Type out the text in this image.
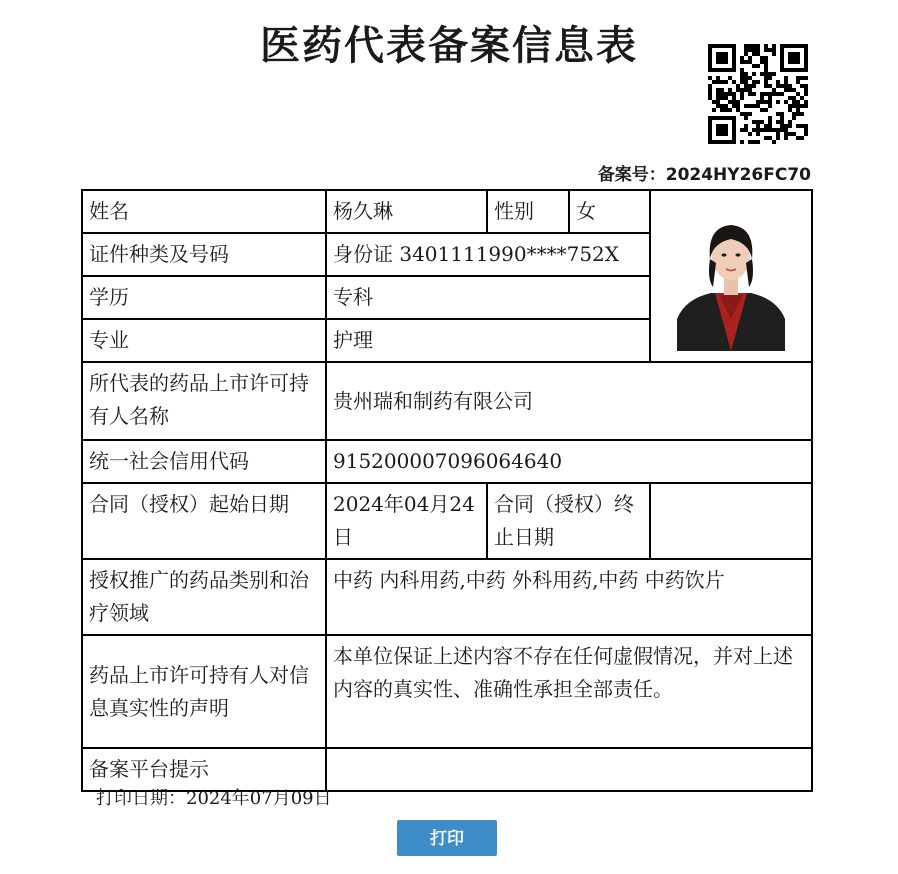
医药代表备案信息表
备案号：2024HY26FC70
姓名	杨久琳	性别	女	
证件种类及号码	身份证 3401111990****752X			
学历	专科			
专业	护理			
所代表的药品上市许可持有人名称	贵州瑞和制药有限公司			
统一社会信用代码	915200007096064640			
合同（授权）起始日期	2024年04月24日	合同（授权）终止日期		
授权推广的药品类别和治疗领域	中药 内科用药,中药 外科用药,中药 中药饮片			
药品上市许可持有人对信息真实性的声明	本单位保证上述内容不存在任何虚假情况，并对上述内容的真实性、准确性承担全部责任。			
备案平台提示				
打印日期：2024年07月09日
打印
